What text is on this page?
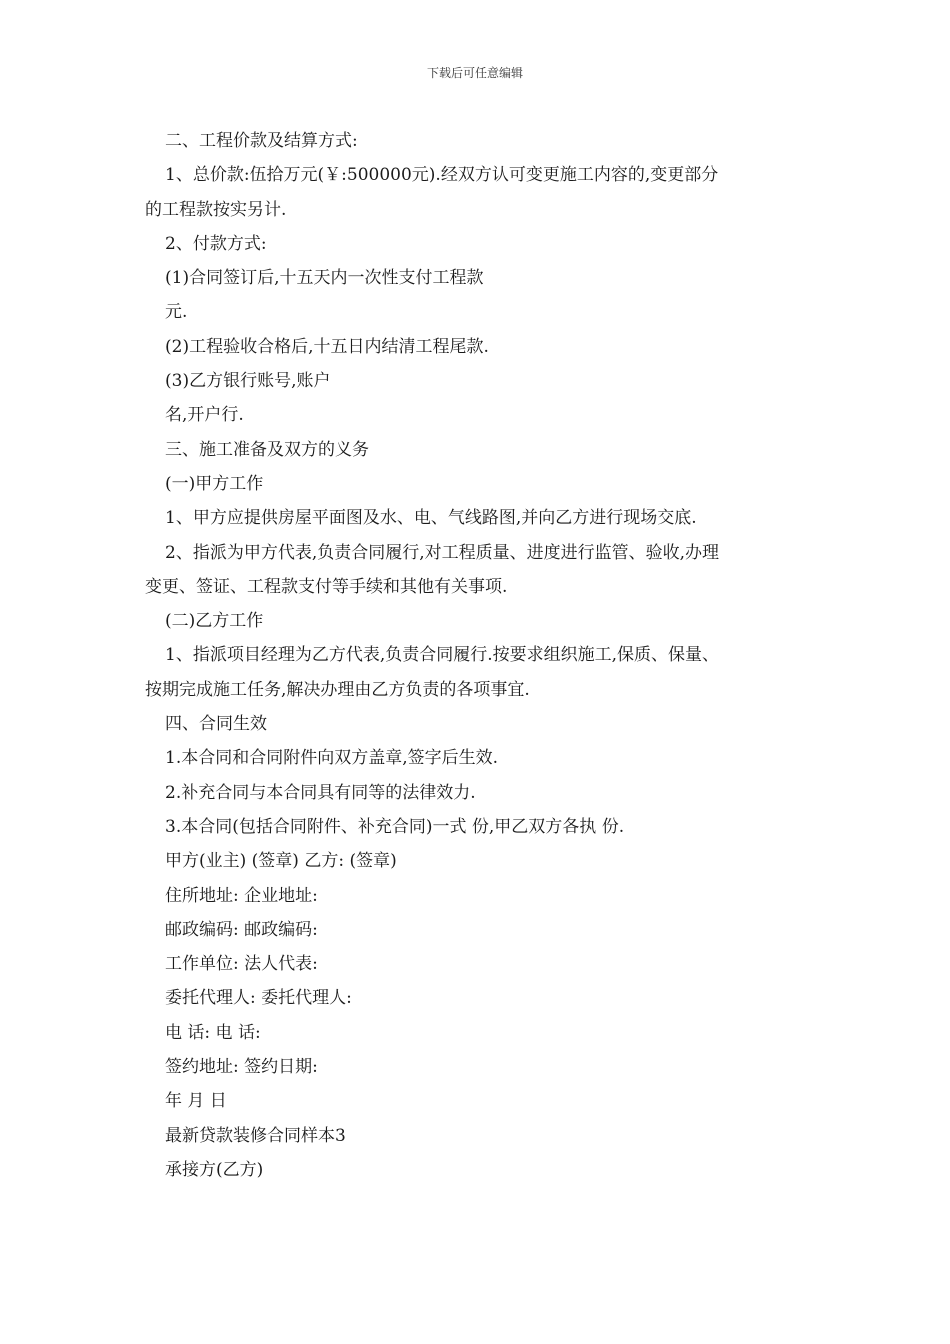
下载后可任意编辑
二、工程价款及结算方式:
1、总价款:伍拾万元(￥:500000元).经双方认可变更施工内容的,变更部分
的工程款按实另计.
2、付款方式:
(1)合同签订后,十五天内一次性支付工程款
元.
(2)工程验收合格后,十五日内结清工程尾款.
(3)乙方银行账号,账户
名,开户行.
三、施工准备及双方的义务
(一)甲方工作
1、甲方应提供房屋平面图及水、电、气线路图,并向乙方进行现场交底.
2、指派为甲方代表,负责合同履行,对工程质量、进度进行监管、验收,办理
变更、签证、工程款支付等手续和其他有关事项.
(二)乙方工作
1、指派项目经理为乙方代表,负责合同履行.按要求组织施工,保质、保量、
按期完成施工任务,解决办理由乙方负责的各项事宜.
四、合同生效
1.本合同和合同附件向双方盖章,签字后生效.
2.补充合同与本合同具有同等的法律效力.
3.本合同(包括合同附件、补充合同)一式 份,甲乙双方各执 份.
甲方(业主) (签章) 乙方: (签章)
住所地址: 企业地址:
邮政编码: 邮政编码:
工作单位: 法人代表:
委托代理人: 委托代理人:
电 话: 电 话:
签约地址: 签约日期:
年 月 日
最新贷款装修合同样本3
承接方(乙方)
